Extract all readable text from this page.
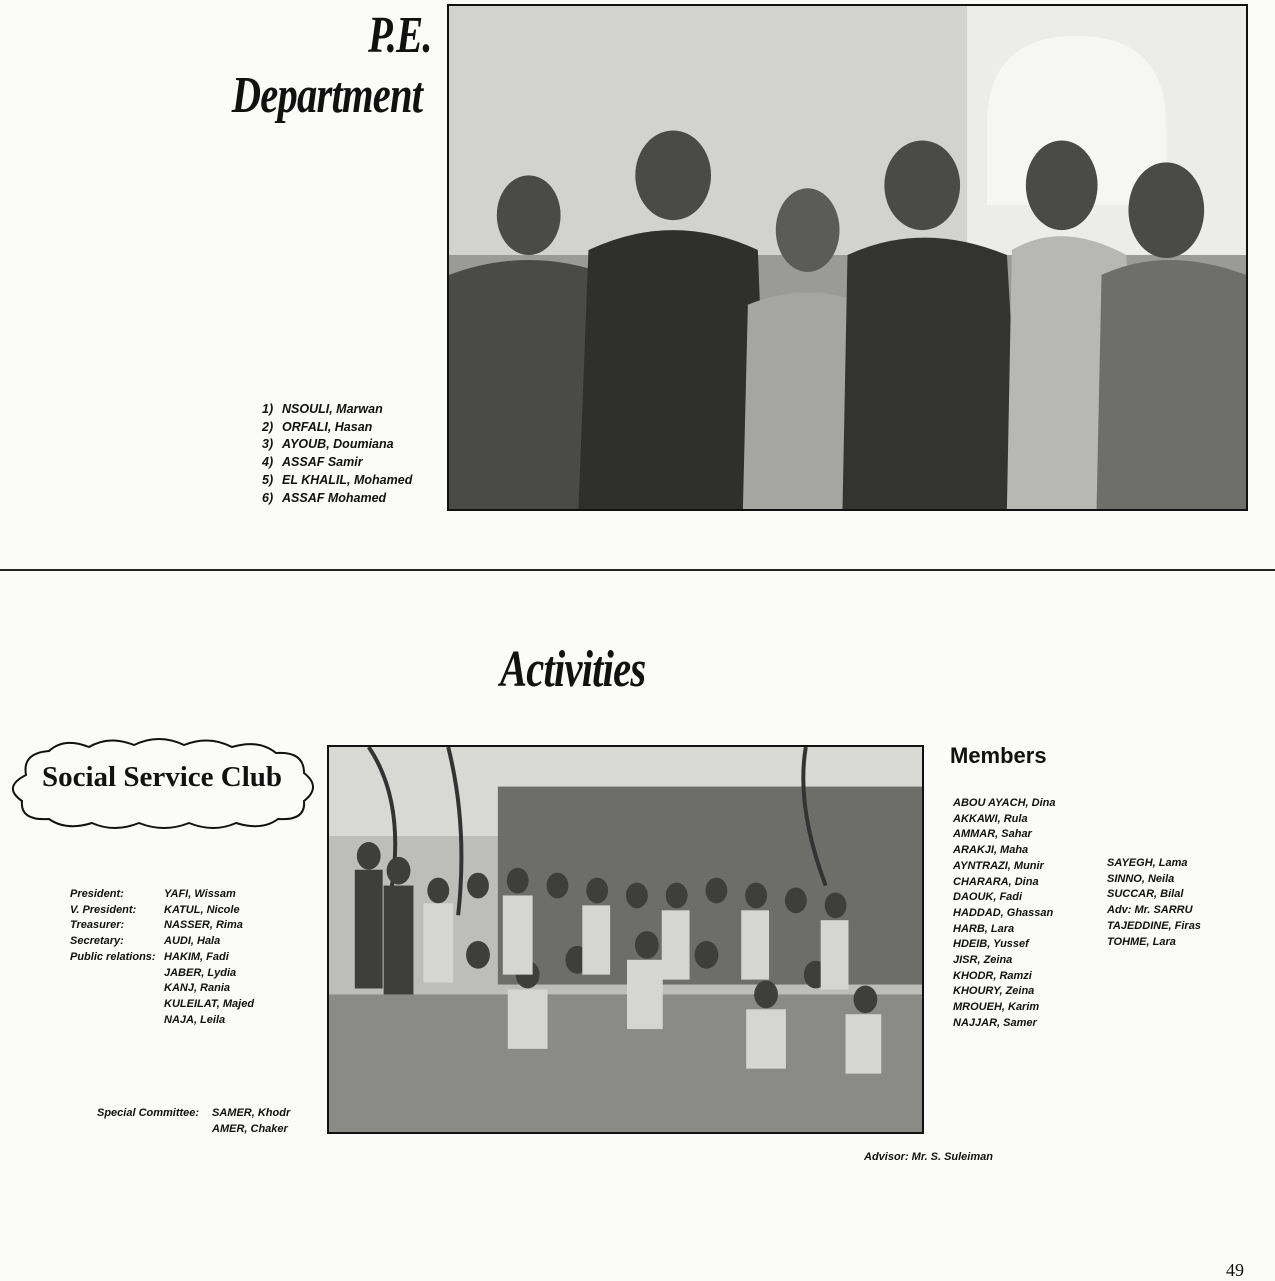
P.E.
Department
1) NSOULI, Marwan
2) ORFALI, Hasan
3) AYOUB, Doumiana
4) ASSAF Samir
5) EL KHALIL, Mohamed
6) ASSAF Mohamed
Activities
Social Service Club
President:	YAFI, Wissam
V. President:	KATUL, Nicole
Treasurer:	NASSER, Rima
Secretary:	AUDI, Hala
Public relations: HAKIM, Fadi
JABER, Lydia
KANJ, Rania
KULEILAT, Majed
NAJA, Leila
Special Committee:	SAMER, Khodr
AMER, Chaker
Members
ABOU AYACH, Dina
AKKAWI, Rula
AMMAR, Sahar
ARAKJI, Maha
AYNTRAZI, Munir
CHARARA, Dina
DAOUK, Fadi
HADDAD, Ghassan
HARB, Lara
HDEIB, Yussef
JISR, Zeina
KHODR, Ramzi
KHOURY, Zeina
MROUEH, Karim
NAJJAR, Samer
SAYEGH, Lama
SINNO, Neila
SUCCAR, Bilal
Adv: Mr. SARRU
TAJEDDINE, Firas
TOHME, Lara
Advisor: Mr. S. Suleiman
49
